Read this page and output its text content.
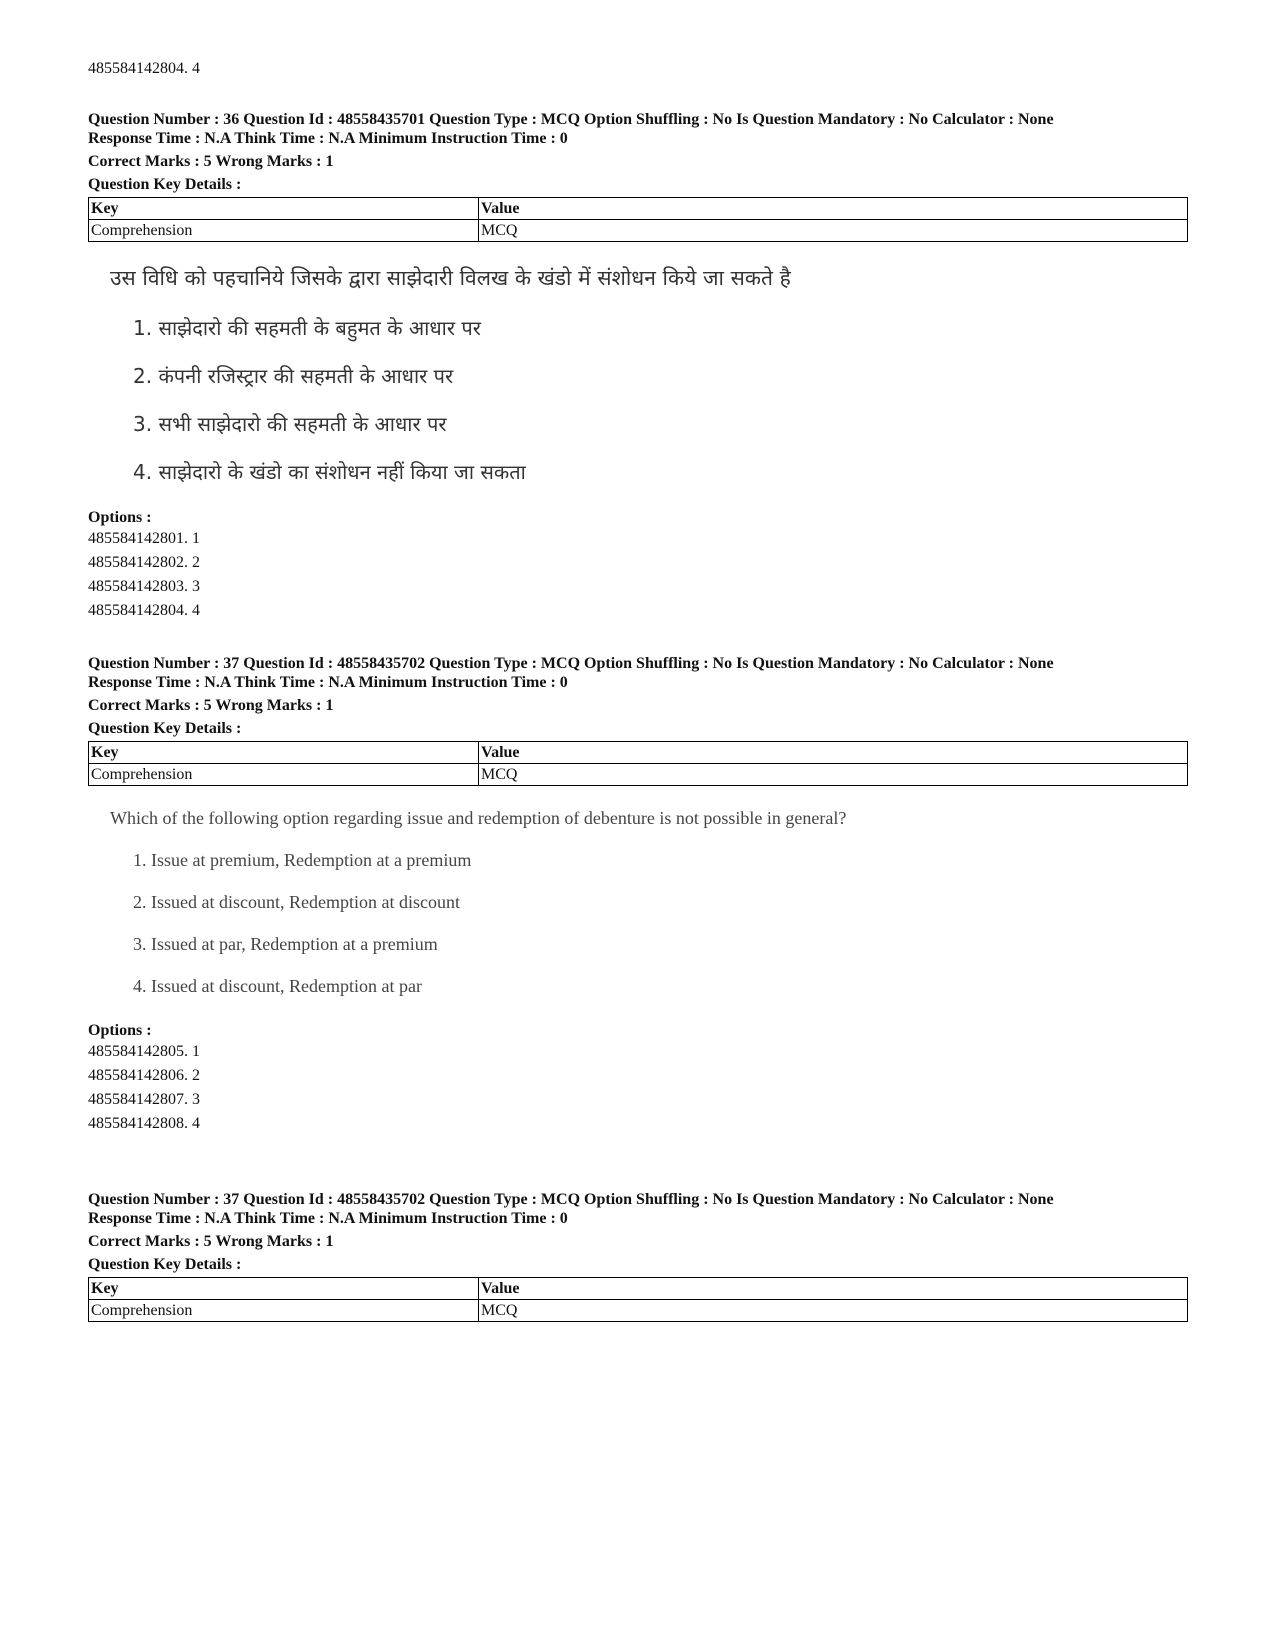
485584142804. 4
Question Number : 36 Question Id : 48558435701 Question Type : MCQ Option Shuffling : No Is Question Mandatory : No Calculator : None
Response Time : N.A Think Time : N.A Minimum Instruction Time : 0
Correct Marks : 5 Wrong Marks : 1
Question Key Details :
Key	Value
Comprehension	MCQ
उस विधि को पहचानिये जिसके द्वारा साझेदारी विलख के खंडो में संशोधन किये जा सकते है
1. साझेदारो की सहमती के बहुमत के आधार पर
2. कंपनी रजिस्ट्रार की सहमती के आधार पर
3. सभी साझेदारो की सहमती के आधार पर
4. साझेदारो के खंडो का संशोधन नहीं किया जा सकता
Options :
485584142801. 1
485584142802. 2
485584142803. 3
485584142804. 4
Question Number : 37 Question Id : 48558435702 Question Type : MCQ Option Shuffling : No Is Question Mandatory : No Calculator : None
Response Time : N.A Think Time : N.A Minimum Instruction Time : 0
Correct Marks : 5 Wrong Marks : 1
Question Key Details :
Key	Value
Comprehension	MCQ
Which of the following option regarding issue and redemption of debenture is not possible in general?
1. Issue at premium, Redemption at a premium
2. Issued at discount, Redemption at discount
3. Issued at par, Redemption at a premium
4. Issued at discount, Redemption at par
Options :
485584142805. 1
485584142806. 2
485584142807. 3
485584142808. 4
Question Number : 37 Question Id : 48558435702 Question Type : MCQ Option Shuffling : No Is Question Mandatory : No Calculator : None
Response Time : N.A Think Time : N.A Minimum Instruction Time : 0
Correct Marks : 5 Wrong Marks : 1
Question Key Details :
Key	Value
Comprehension	MCQ
